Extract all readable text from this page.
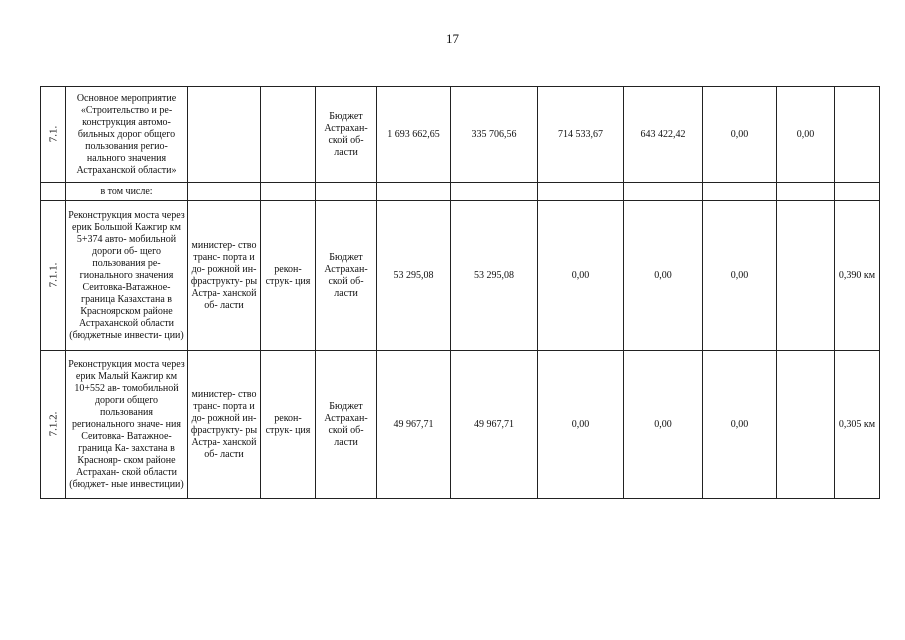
17
7.1.	Основное мероприятие «Строительство и ре- конструкция автомо- бильных дорог общего пользования регио- нального значения Астраханской области»			Бюджет Астрахан- ской об- ласти	1 693 662,65	335 706,56	714 533,67	643 422,42	0,00	0,00	
	в том числе:										
7.1.1.	Реконструкция моста через ерик Большой Кажгир км 5+374 авто- мобильной дороги об- щего пользования ре- гионального значения Сеитовка-Ватажное- граница Казахстана в Красноярском районе Астраханской области (бюджетные инвести- ции)	министер- ство транс- порта и до- рожной ин- фраструкту- ры Астра- ханской об- ласти	рекон- струк- ция	Бюджет Астрахан- ской об- ласти	53 295,08	53 295,08	0,00	0,00	0,00		0,390 км
7.1.2.	Реконструкция моста через ерик Малый Кажгир км 10+552 ав- томобильной дороги общего пользования регионального значе- ния Сеитовка- Ватажное-граница Ка- захстана в Краснояр- ском районе Астрахан- ской области (бюджет- ные инвестиции)	министер- ство транс- порта и до- рожной ин- фраструкту- ры Астра- ханской об- ласти	рекон- струк- ция	Бюджет Астрахан- ской об- ласти	49 967,71	49 967,71	0,00	0,00	0,00		0,305 км
